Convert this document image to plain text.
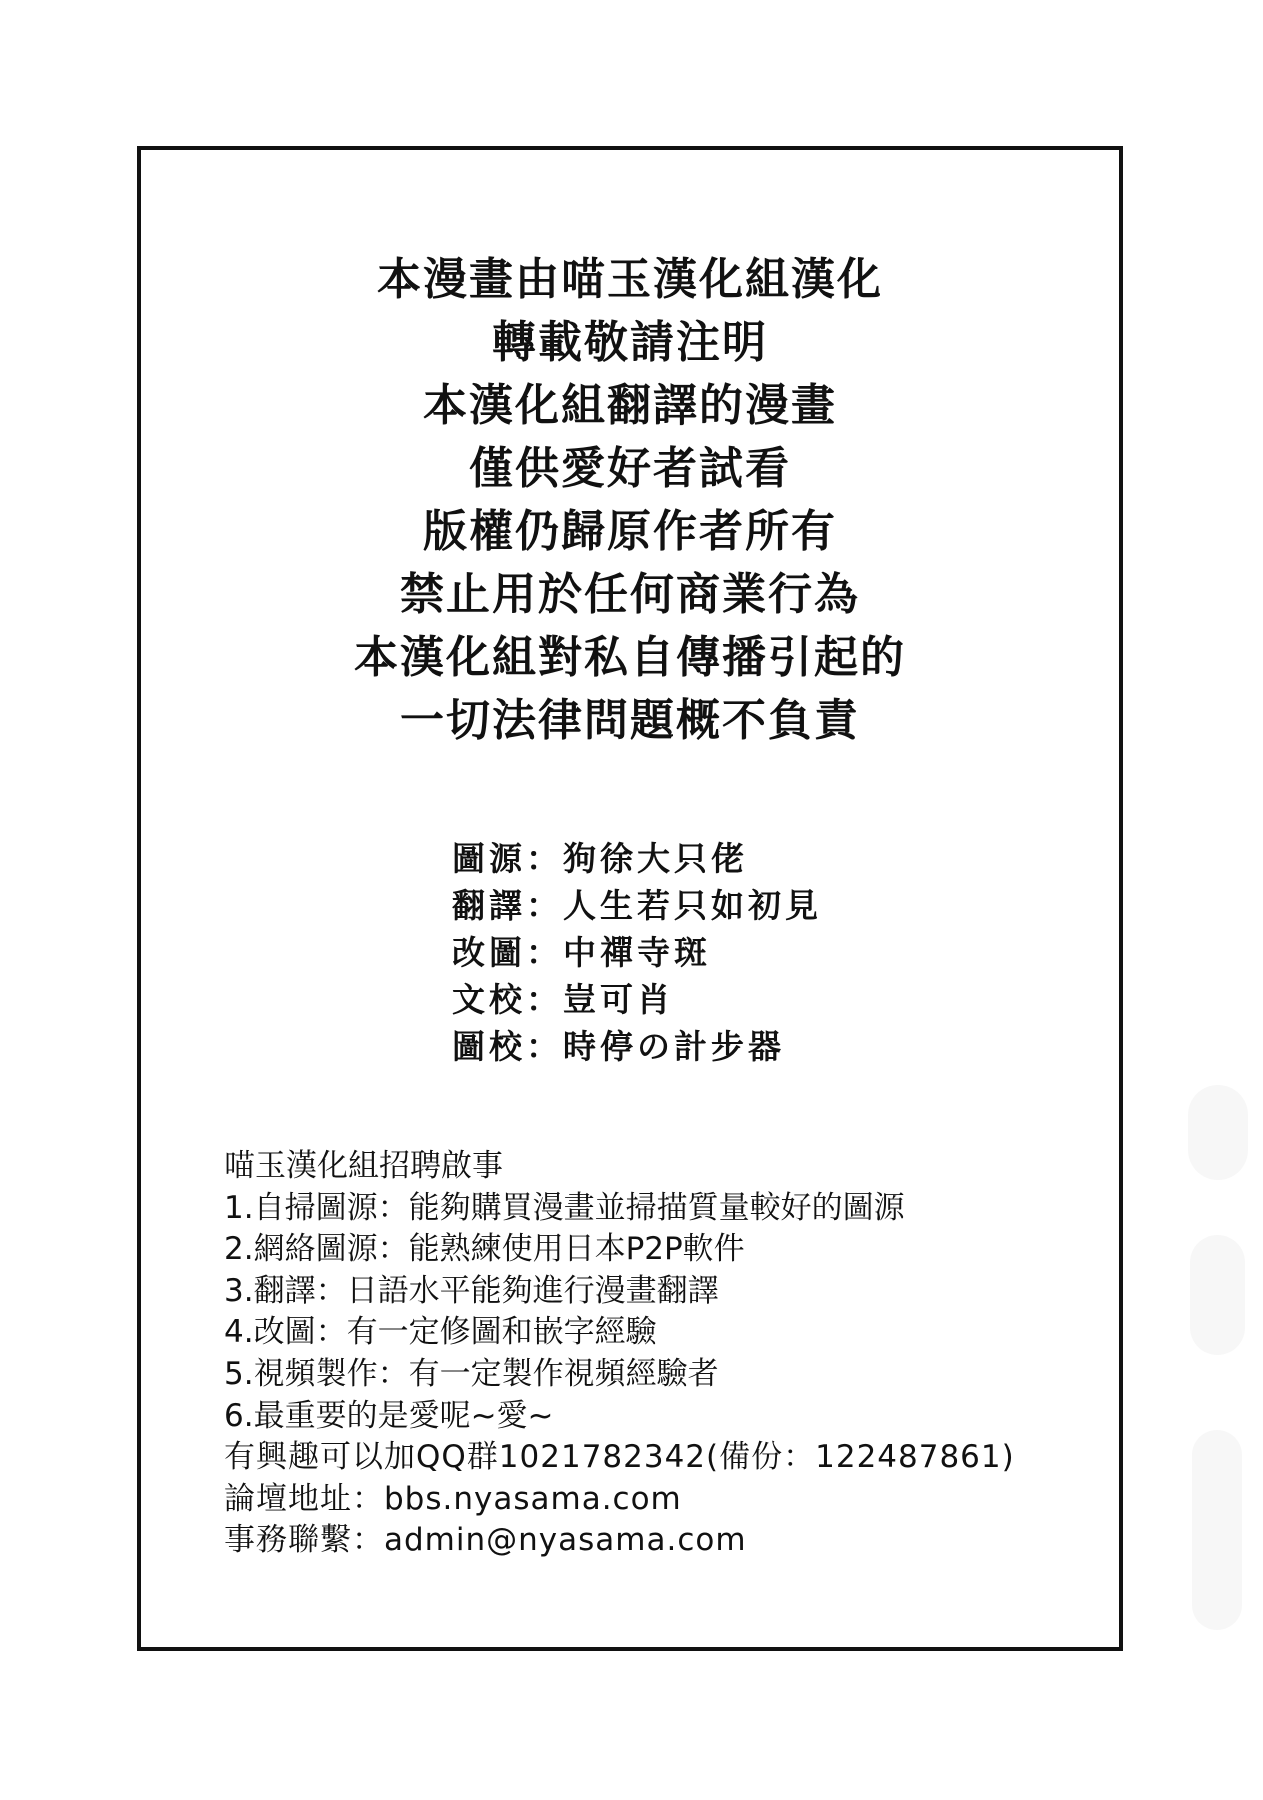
本漫畫由喵玉漢化組漢化
轉載敬請注明
本漢化組翻譯的漫畫
僅供愛好者試看
版權仍歸原作者所有
禁止用於任何商業行為
本漢化組對私自傳播引起的
一切法律問題概不負責
圖源：狗徐大只佬
翻譯：人生若只如初見
改圖：中禪寺斑
文校：豈可肖
圖校：時停の計步器
喵玉漢化組招聘啟事
1.自掃圖源：能夠購買漫畫並掃描質量較好的圖源
2.網絡圖源：能熟練使用日本P2P軟件
3.翻譯：日語水平能夠進行漫畫翻譯
4.改圖：有一定修圖和嵌字經驗
5.視頻製作：有一定製作視頻經驗者
6.最重要的是愛呢~愛~
有興趣可以加QQ群1021782342(備份：122487861)
論壇地址：bbs.nyasama.com
事務聯繫：admin@nyasama.com
